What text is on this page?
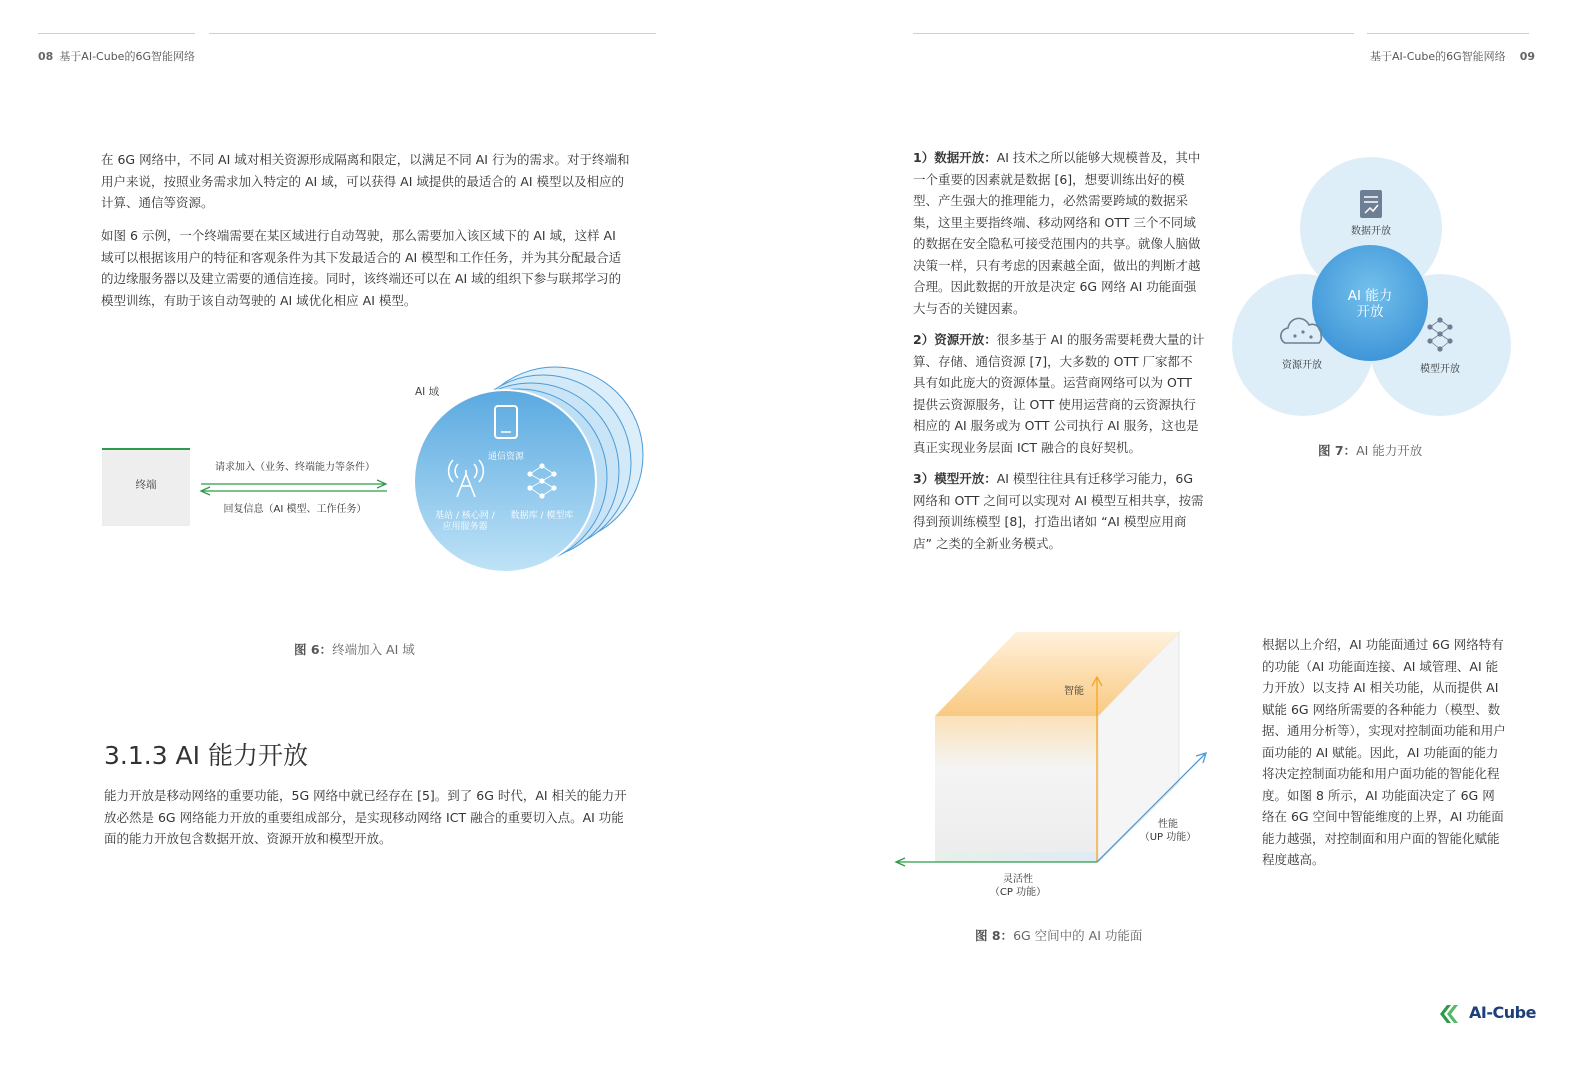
08 基于AI-Cube的6G智能网络	基于AI-Cube的6G智能网络 09

在 6G 网络中，不同 AI 域对相关资源形成隔离和限定，以满足不同 AI 行为的需求。对于终端和用户来说，按照业务需求加入特定的 AI 域，可以获得 AI 域提供的最适合的 AI 模型以及相应的计算、通信等资源。

如图 6 示例，一个终端需要在某区域进行自动驾驶，那么需要加入该区域下的 AI 域，这样 AI 域可以根据该用户的特征和客观条件为其下发最适合的 AI 模型和工作任务，并为其分配最合适的边缘服务器以及建立需要的通信连接。同时，该终端还可以在 AI 域的组织下参与联邦学习的模型训练，有助于该自动驾驶的 AI 域优化相应 AI 模型。

AI 域
通信资源
基站 / 核心网 /
应用服务器
数据库 / 模型库
终端
请求加入（业务、终端能力等条件）
回复信息（AI 模型、工作任务）
图 6：终端加入 AI 域
3.1.3 AI 能力开放

能力开放是移动网络的重要功能，5G 网络中就已经存在 [5]。到了 6G 时代，AI 相关的能力开放必然是 6G 网络能力开放的重要组成部分，是实现移动网络 ICT 融合的重要切入点。AI 功能面的能力开放包含数据开放、资源开放和模型开放。

1）数据开放：AI 技术之所以能够大规模普及，其中一个重要的因素就是数据 [6]，想要训练出好的模型、产生强大的推理能力，必然需要跨域的数据采集，这里主要指终端、移动网络和 OTT 三个不同域的数据在安全隐私可接受范围内的共享。就像人脑做决策一样，只有考虑的因素越全面，做出的判断才越合理。因此数据的开放是决定 6G 网络 AI 功能面强大与否的关键因素。

2）资源开放：很多基于 AI 的服务需要耗费大量的计算、存储、通信资源 [7]，大多数的 OTT 厂家都不具有如此庞大的资源体量。运营商网络可以为 OTT 提供云资源服务，让 OTT 使用运营商的云资源执行相应的 AI 服务或为 OTT 公司执行 AI 服务，这也是真正实现业务层面 ICT 融合的良好契机。

3）模型开放：AI 模型往往具有迁移学习能力，6G 网络和 OTT 之间可以实现对 AI 模型互相共享，按需得到预训练模型 [8]，打造出诸如 “AI 模型应用商店” 之类的全新业务模式。

数据开放
资源开放	模型开放
AI 能力
开放
图 7：AI 能力开放
智能
性能
（UP 功能）
灵活性
（CP 功能）
图 8：6G 空间中的 AI 功能面

根据以上介绍，AI 功能面通过 6G 网络特有的功能（AI 功能面连接、AI 域管理、AI 能力开放）以支持 AI 相关功能，从而提供 AI 赋能 6G 网络所需要的各种能力（模型、数据、通用分析等），实现对控制面功能和用户面功能的 AI 赋能。因此，AI 功能面的能力将决定控制面功能和用户面功能的智能化程度。如图 8 所示，AI 功能面决定了 6G 网络在 6G 空间中智能维度的上界，AI 功能面能力越强，对控制面和用户面的智能化赋能程度越高。

AI-Cube
